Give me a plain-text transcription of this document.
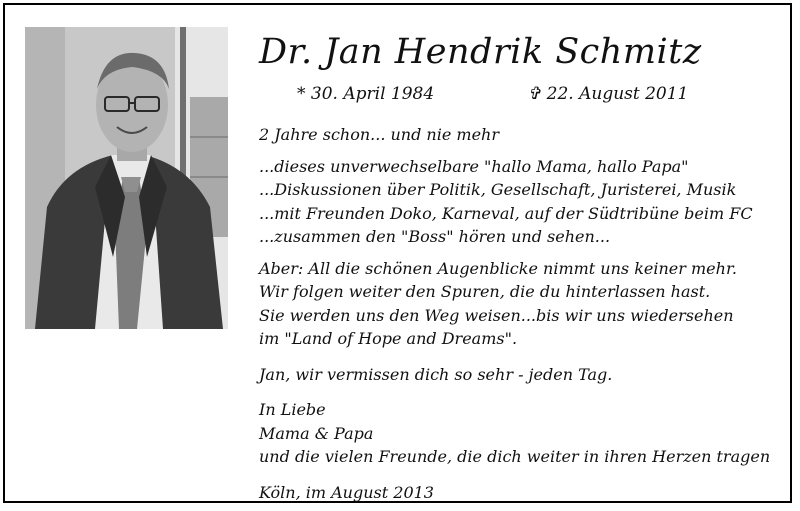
Dr. Jan Hendrik Schmitz
* 30. April 1984	✞ 22. August 2011

2 Jahre schon... und nie mehr

...dieses unverwechselbare "hallo Mama, hallo Papa"

...Diskussionen über Politik, Gesellschaft, Juristerei, Musik

...mit Freunden Doko, Karneval, auf der Südtribüne beim FC

...zusammen den "Boss" hören und sehen...

Aber: All die schönen Augenblicke nimmt uns keiner mehr.

Wir folgen weiter den Spuren, die du hinterlassen hast.

Sie werden uns den Weg weisen...bis wir uns wiedersehen

im "Land of Hope and Dreams".

Jan, wir vermissen dich so sehr - jeden Tag.

In Liebe

Mama & Papa

und die vielen Freunde, die dich weiter in ihren Herzen tragen

Köln, im August 2013
